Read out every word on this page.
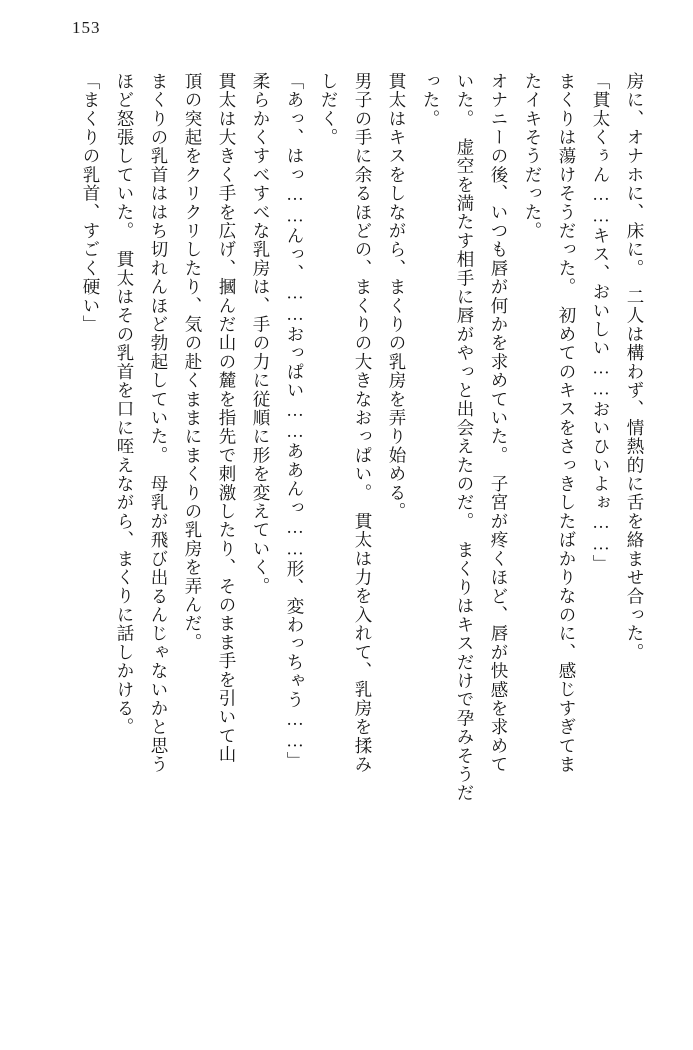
153

房に、オナホに、床に。　二人は構わず、情熱的に舌を絡ませ合った。

「貫太くぅん……キス、おいしい……おいひいよぉ……」

まくりは蕩けそうだった。　初めてのキスをさっきしたばかりなのに、感じすぎてま

たイキそうだった。

オナニーの後、いつも唇が何かを求めていた。　子宮が疼くほど、唇が快感を求めて

いた。　虚空を満たす相手に唇がやっと出会えたのだ。　まくりはキスだけで孕みそうだ

った。

貫太はキスをしながら、まくりの乳房を弄り始める。

男子の手に余るほどの、まくりの大きなおっぱい。　貫太は力を入れて、乳房を揉み

しだく。

「あっ、はっ……んっ、……おっぱい……ああんっ……形、変わっちゃう……」

柔らかくすべすべな乳房は、手の力に従順に形を変えていく。

貫太は大きく手を広げ、摑んだ山の麓を指先で刺激したり、そのまま手を引いて山

頂の突起をクリクリしたり、気の赴くままにまくりの乳房を弄んだ。

まくりの乳首ははち切れんほど勃起していた。　母乳が飛び出るんじゃないかと思う

ほど怒張していた。　貫太はその乳首を口に咥えながら、まくりに話しかける。

「まくりの乳首、すごく硬い」
